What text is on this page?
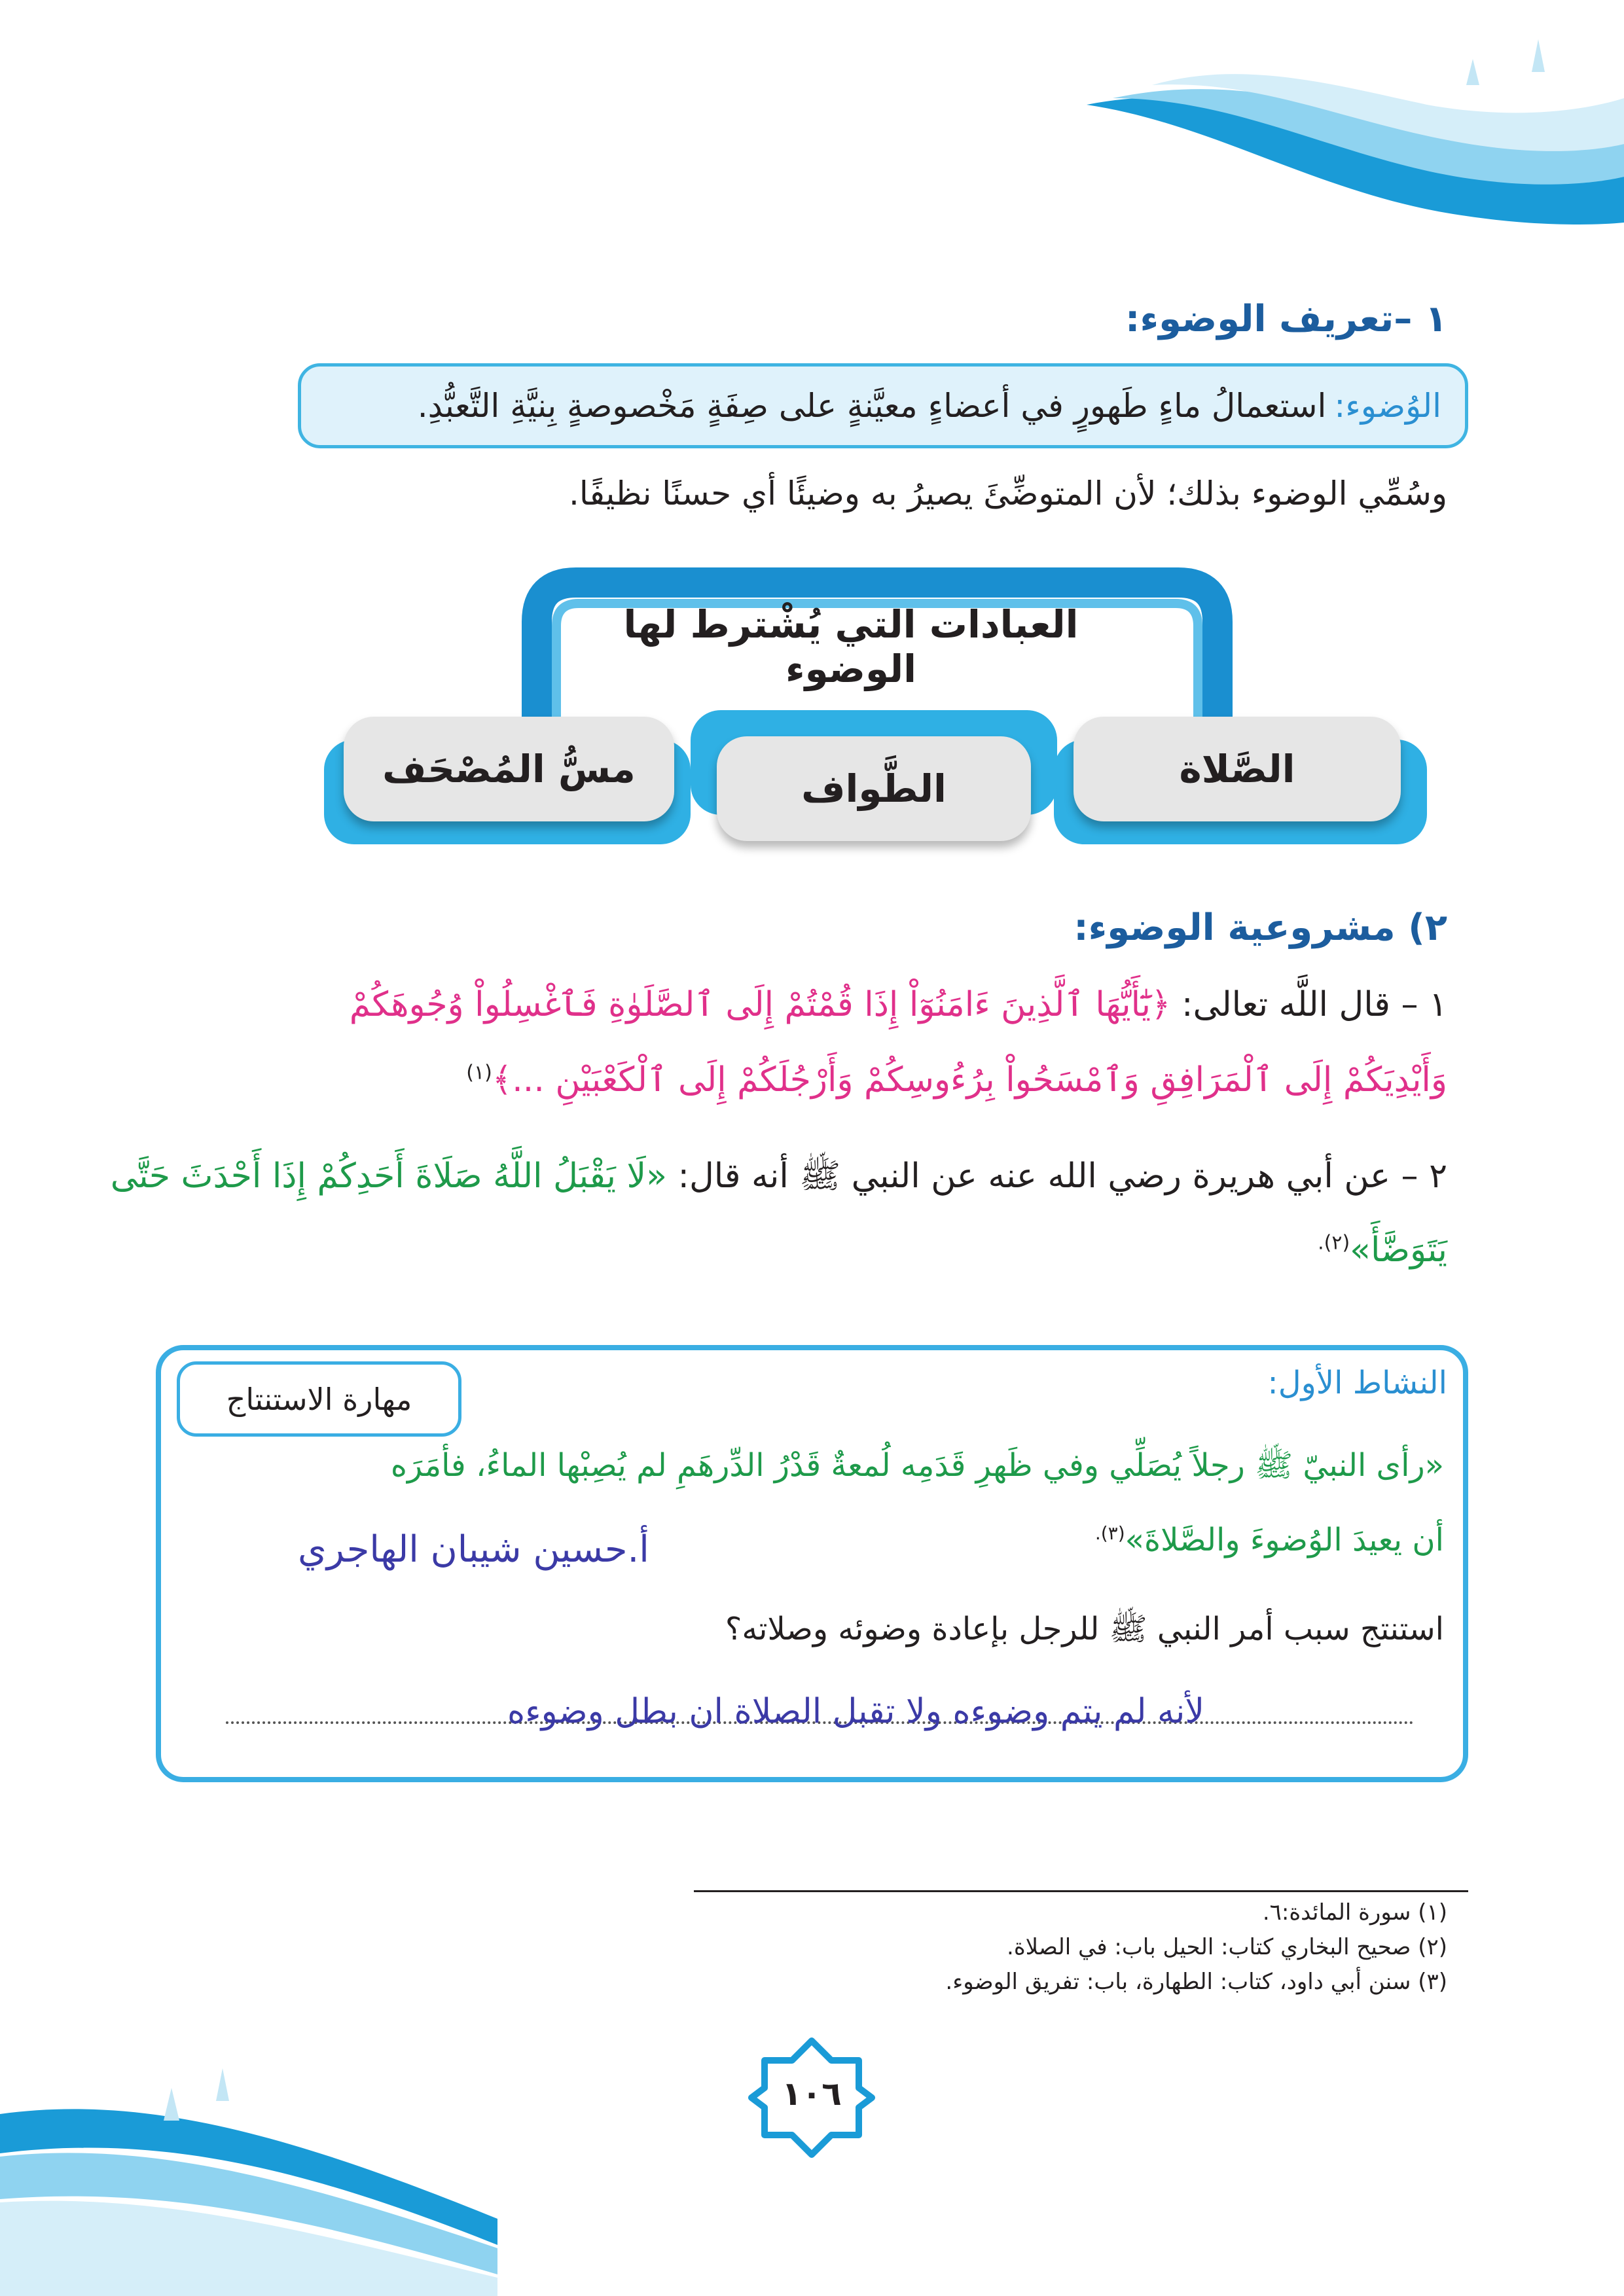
١ –تعريف الوضوء:
الوُضوء:
استعمالُ ماءٍ طَهورٍ في أعضاءٍ معيَّنةٍ على صِفَةٍ مَخْصوصةٍ بِنيَّةِ التَّعبُّدِ.
وسُمِّي الوضوء بذلك؛ لأن المتوضِّئَ يصيرُ به وضيئًا أي حسنًا نظيفًا.
العبادات التي يُشْترط لها الوضوء
الصَّلاة
الطَّواف
مسُّ المُصْحَف
٢) مشروعية الوضوء:
١ – قال اللَّه تعالى: ﴿يَٰٓأَيُّهَا ٱلَّذِينَ ءَامَنُوٓاْ إِذَا قُمْتُمْ إِلَى ٱلصَّلَوٰةِ فَٱغْسِلُواْ وُجُوهَكُمْ
وَأَيْدِيَكُمْ إِلَى ٱلْمَرَافِقِ وَٱمْسَحُواْ بِرُءُوسِكُمْ وَأَرْجُلَكُمْ إِلَى ٱلْكَعْبَيْنِ ...﴾$^{(١)}$
٢ – عن أبي هريرة رضي الله عنه عن النبي ﷺ أنه قال: «لَا يَقْبَلُ اللَّهُ صَلَاةَ أَحَدِكُمْ إِذَا أَحْدَثَ حَتَّى
يَتَوَضَّأَ»$^{(٢).}$
مهارة الاستنتاج	النشاط الأول:
«رأى النبيّ ﷺ رجلاً يُصَلِّي وفي ظَهرِ قَدَمِه لُمعةٌ قَدْرُ الدِّرهَمِ لم يُصِبْها الماءُ، فأمَرَه
أن يعيدَ الوُضوءَ والصَّلاةَ»$^{(٣).}$
أ.حسين شيبان الهاجري
استنتج سبب أمر النبي ﷺ للرجل بإعادة وضوئه وصلاته؟
لأنه لم يتم وضوءه ولا تقبل الصلاة ان بطل وضوءه
(١) سورة المائدة:٦.
(٢) صحيح البخاري كتاب: الحيل باب: في الصلاة.
(٣) سنن أبي داود، كتاب: الطهارة، باب: تفريق الوضوء.
١٠٦
